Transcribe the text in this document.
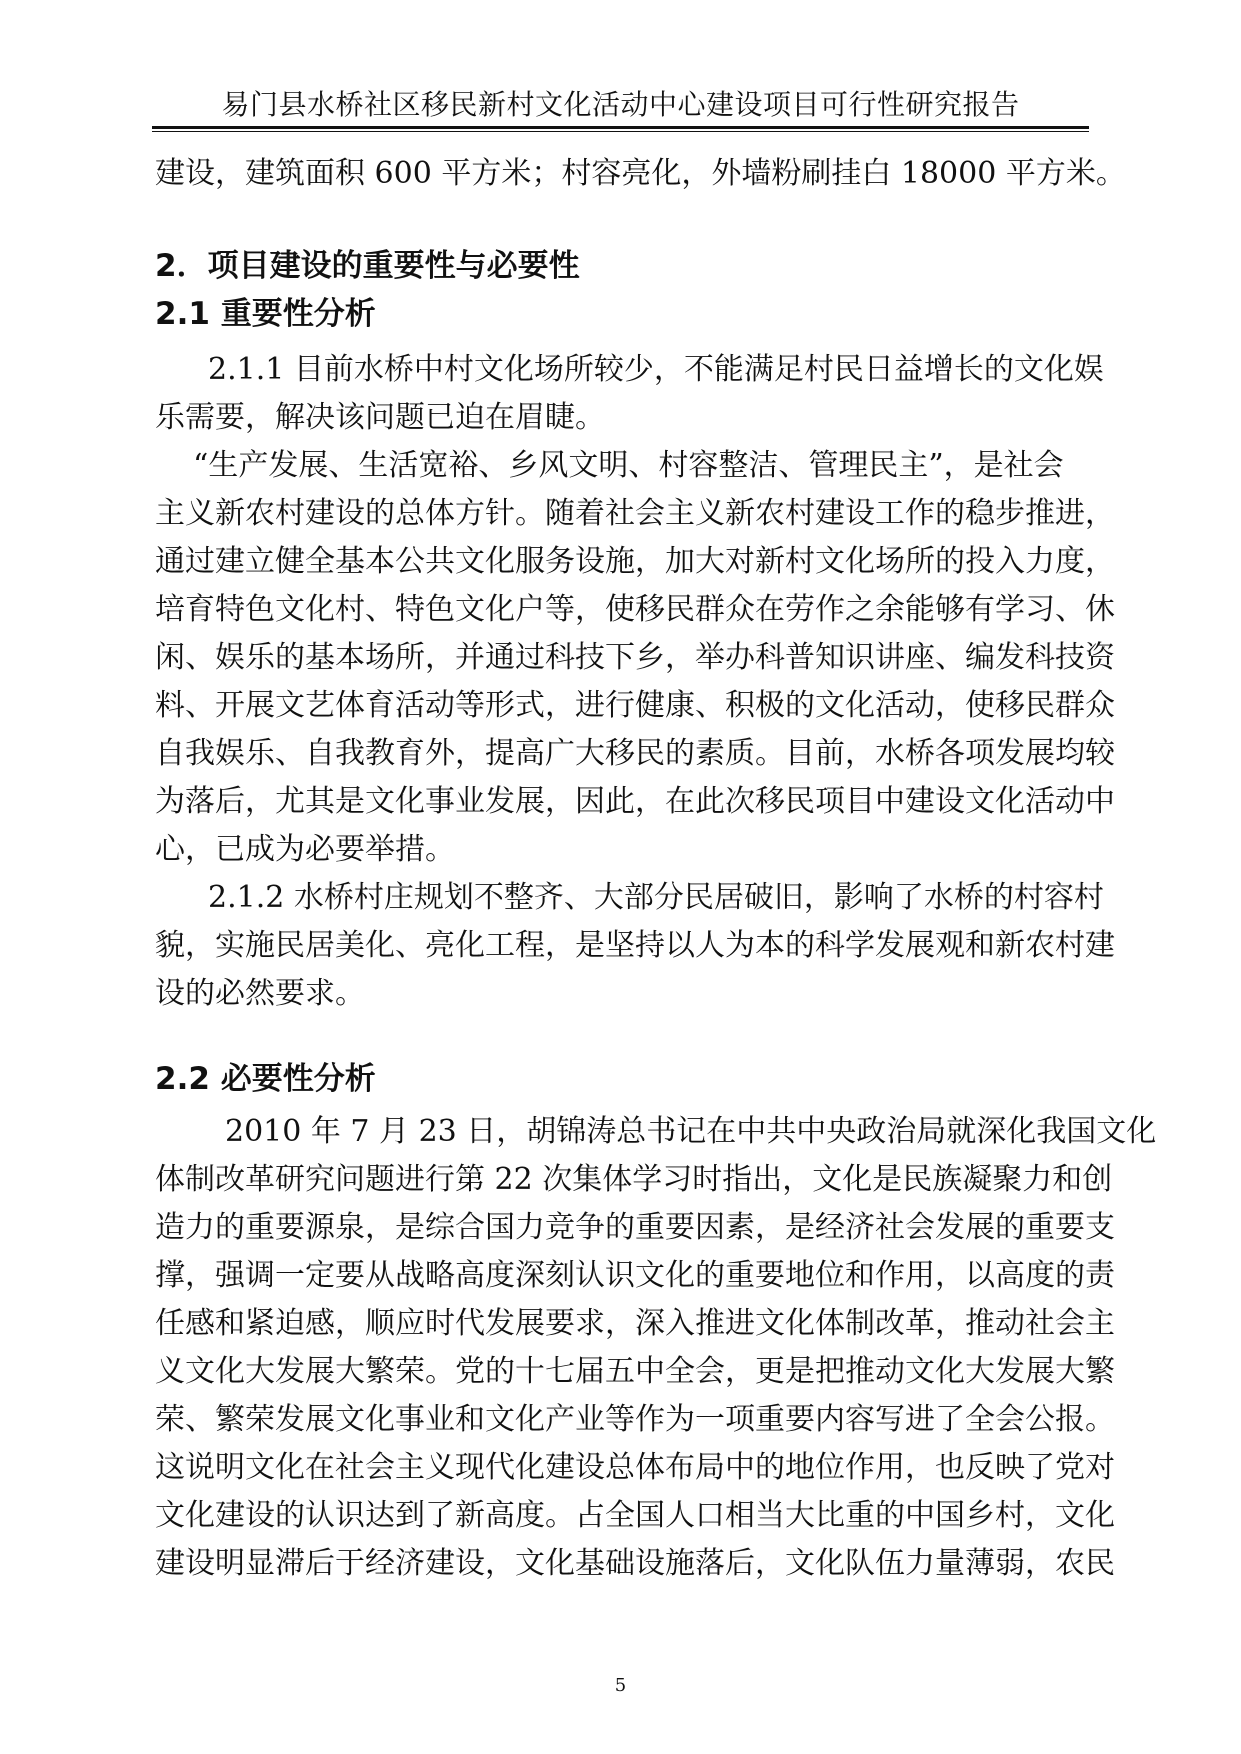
易门县水桥社区移民新村文化活动中心建设项目可行性研究报告
建设，建筑面积 600 平方米；村容亮化，外墙粉刷挂白 18000 平方米。
2．项目建设的重要性与必要性
2.1 重要性分析
2.1.1 目前水桥中村文化场所较少，不能满足村民日益增长的文化娱
乐需要，解决该问题已迫在眉睫。
“生产发展、生活宽裕、乡风文明、村容整洁、管理民主”，是社会
主义新农村建设的总体方针。随着社会主义新农村建设工作的稳步推进，
通过建立健全基本公共文化服务设施，加大对新村文化场所的投入力度，
培育特色文化村、特色文化户等，使移民群众在劳作之余能够有学习、休
闲、娱乐的基本场所，并通过科技下乡，举办科普知识讲座、编发科技资
料、开展文艺体育活动等形式，进行健康、积极的文化活动，使移民群众
自我娱乐、自我教育外，提高广大移民的素质。目前，水桥各项发展均较
为落后，尤其是文化事业发展，因此，在此次移民项目中建设文化活动中
心，已成为必要举措。
2.1.2 水桥村庄规划不整齐、大部分民居破旧，影响了水桥的村容村
貌，实施民居美化、亮化工程，是坚持以人为本的科学发展观和新农村建
设的必然要求。
2.2 必要性分析
2010 年 7 月 23 日，胡锦涛总书记在中共中央政治局就深化我国文化
体制改革研究问题进行第 22 次集体学习时指出，文化是民族凝聚力和创
造力的重要源泉，是综合国力竞争的重要因素，是经济社会发展的重要支
撑，强调一定要从战略高度深刻认识文化的重要地位和作用，以高度的责
任感和紧迫感，顺应时代发展要求，深入推进文化体制改革，推动社会主
义文化大发展大繁荣。党的十七届五中全会，更是把推动文化大发展大繁
荣、繁荣发展文化事业和文化产业等作为一项重要内容写进了全会公报。
这说明文化在社会主义现代化建设总体布局中的地位作用，也反映了党对
文化建设的认识达到了新高度。占全国人口相当大比重的中国乡村，文化
建设明显滞后于经济建设，文化基础设施落后，文化队伍力量薄弱，农民
5
